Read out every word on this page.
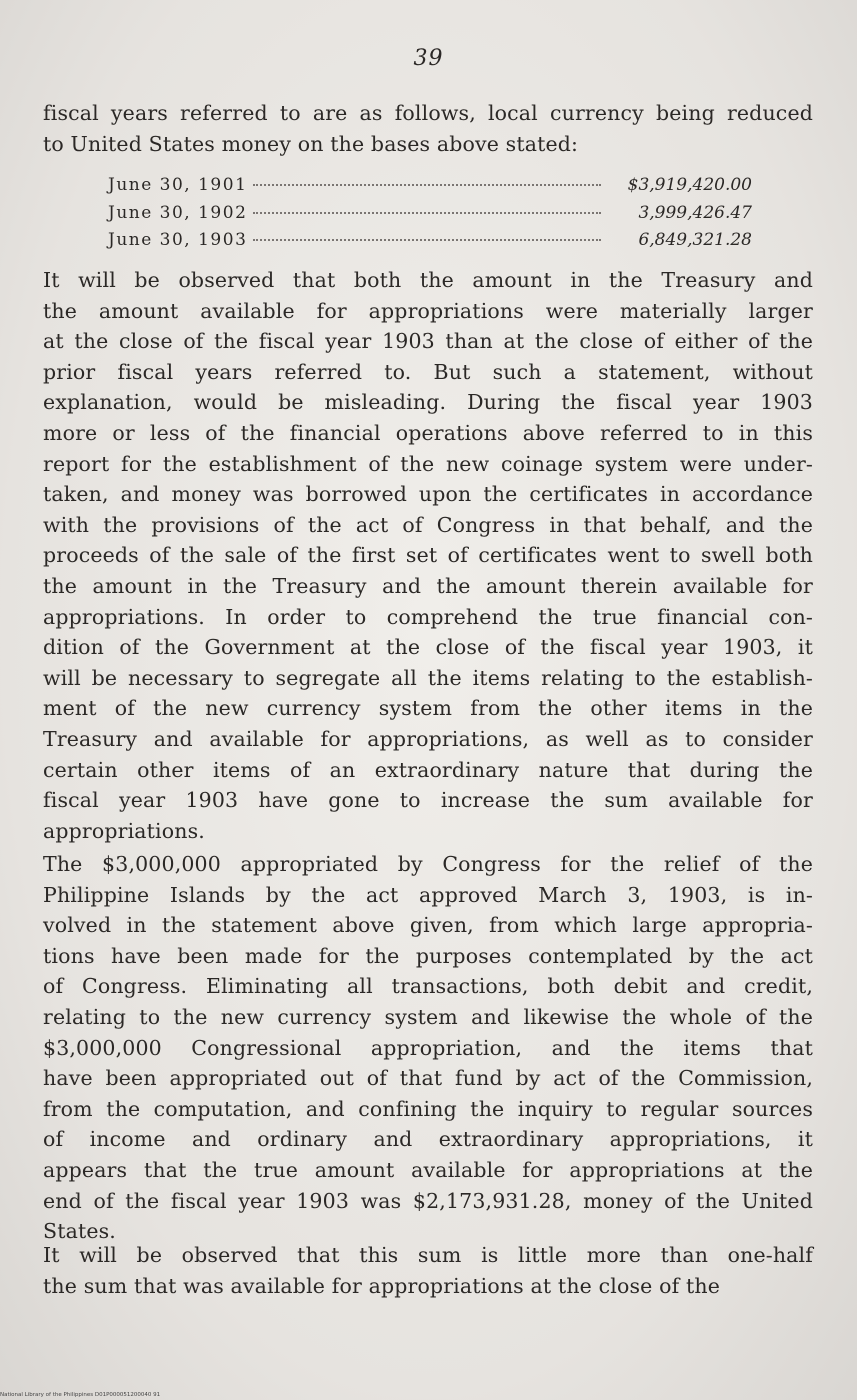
39
fiscal years referred to are as follows, local currency being reduced
to United States money on the bases above stated:
June 30, 1901	$3,919,420.00
June 30, 1902	3,999,426.47
June 30, 1903	6,849,321.28
It will be observed that both the amount in the Treasury and
the amount available for appropriations were materially larger
at the close of the fiscal year 1903 than at the close of either of the
prior fiscal years referred to. But such a statement, without
explanation, would be misleading. During the fiscal year 1903
more or less of the financial operations above referred to in this
report for the establishment of the new coinage system were under-
taken, and money was borrowed upon the certificates in accordance
with the provisions of the act of Congress in that behalf, and the
proceeds of the sale of the first set of certificates went to swell both
the amount in the Treasury and the amount therein available for
appropriations. In order to comprehend the true financial con-
dition of the Government at the close of the fiscal year 1903, it
will be necessary to segregate all the items relating to the establish-
ment of the new currency system from the other items in the
Treasury and available for appropriations, as well as to consider
certain other items of an extraordinary nature that during the
fiscal year 1903 have gone to increase the sum available for
appropriations.
The $3,000,000 appropriated by Congress for the relief of the
Philippine Islands by the act approved March 3, 1903, is in-
volved in the statement above given, from which large appropria-
tions have been made for the purposes contemplated by the act
of Congress. Eliminating all transactions, both debit and credit,
relating to the new currency system and likewise the whole of the
$3,000,000 Congressional appropriation, and the items that
have been appropriated out of that fund by act of the Commission,
from the computation, and confining the inquiry to regular sources
of income and ordinary and extraordinary appropriations, it
appears that the true amount available for appropriations at the
end of the fiscal year 1903 was $2,173,931.28, money of the United
States.
It will be observed that this sum is little more than one-half
the sum that was available for appropriations at the close of the
National Library of the Philippines D01P000051200040 91
